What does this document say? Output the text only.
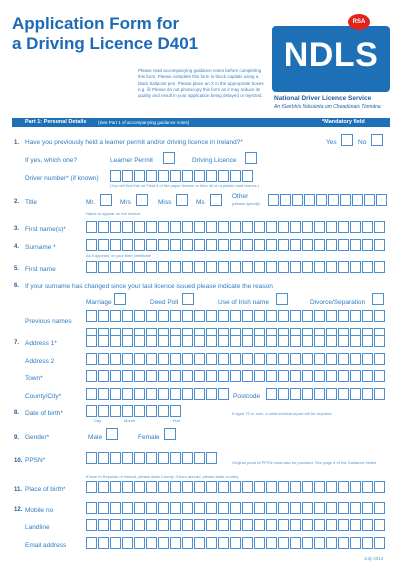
Application Form for
a Driving Licence D401
Please read accompanying guidance notes before completing this form. Please complete this form in block capitals using a black ballpoint pen. Please place an X in the appropriate boxes e.g. ☒ Please do not photocopy this form as it may reduce its quality and result in your application being delayed or rejected.
NDLS
RSA
National Driver Licence Service
An tSeirbhís Náisiúnta um Cheadúnais Tiomána
Part 1: Personal Details	(See Part 1 of accompanying guidance notes)	*Mandatory field
1. Have you previously held a learner permit and/or driving licence in Ireland?*	Yes	No
If yes, which one?	Learner Permit	Driving Licence
Driver number* (if known)
(You will find this on Field 5 of the paper licence or field 4d on a plastic card licence.)
2. Title	Mr.	Mrs	Miss	Ms
Other
(please specify)
Name to appear on the licence
3. First name(s)*
4. Surname *
As it appears on your birth certificate
5. First name
6. If your surname has changed since your last licence issued please indicate the reason
Marriage	Deed Poll	Use of Irish name	Divorce/Separation
Previous names
7. Address 1*
Address 2
Town*
County/City*	Postcode
8. Date of birth*
Day	Month	Year
If aged 70 or over, a valid medical report will be required.
9. Gender*	Male	Female
10. PPSN*	Original proof of PPSN must also be provided. See page 4 of the Guidance Notes
If born in Republic of Ireland, please state County. If born abroad, please state country
11. Place of birth*
12. Mobile no
Landline
Email address
July 2014
